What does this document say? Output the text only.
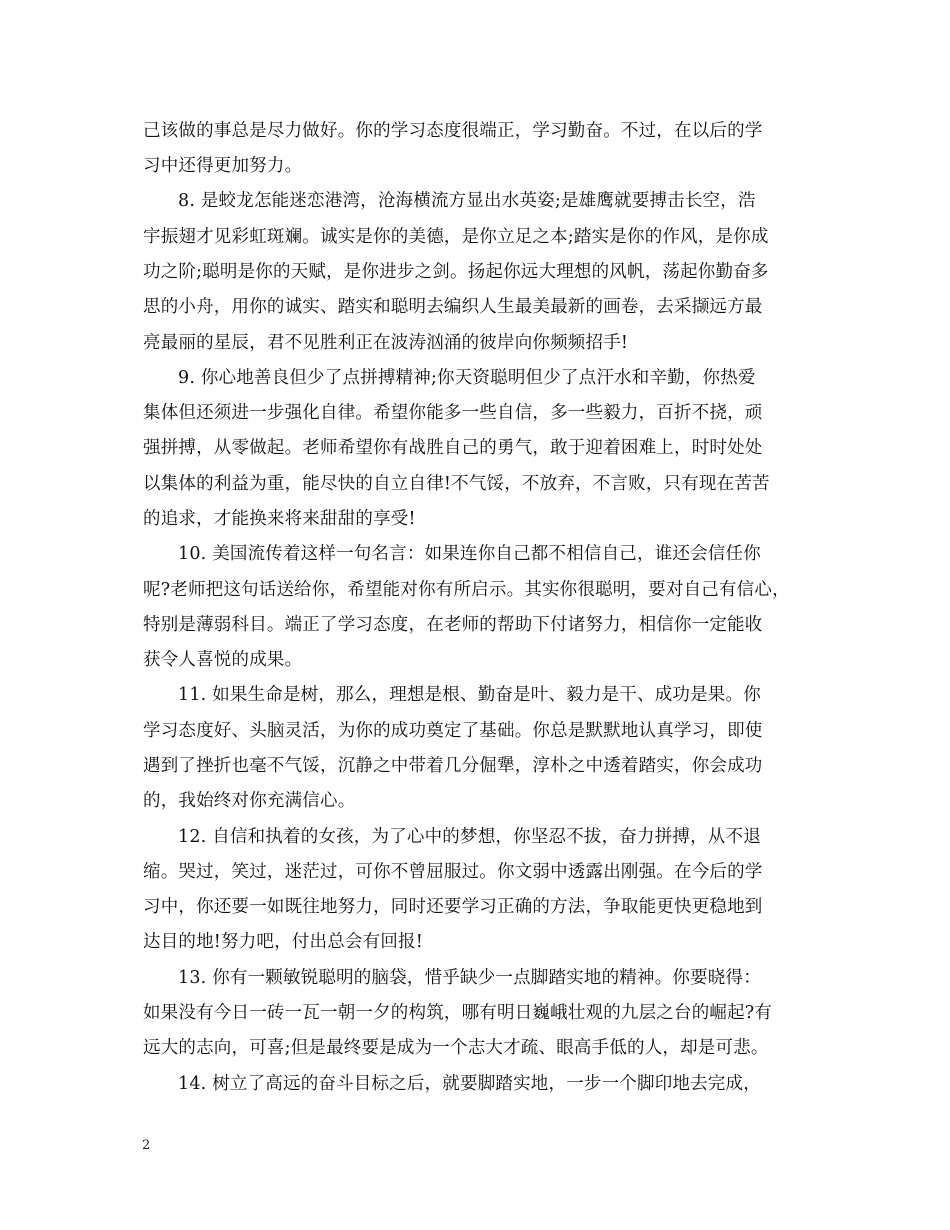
己该做的事总是尽力做好。你的学习态度很端正，学习勤奋。不过，在以后的学
习中还得更加努力。
8. 是蛟龙怎能迷恋港湾，沧海横流方显出水英姿;是雄鹰就要搏击长空，浩
宇振翅才见彩虹斑斓。诚实是你的美德，是你立足之本;踏实是你的作风，是你成
功之阶;聪明是你的天赋，是你进步之剑。扬起你远大理想的风帆，荡起你勤奋多
思的小舟，用你的诚实、踏实和聪明去编织人生最美最新的画卷，去采撷远方最
亮最丽的星辰，君不见胜利正在波涛汹涌的彼岸向你频频招手!
9. 你心地善良但少了点拼搏精神;你天资聪明但少了点汗水和辛勤，你热爱
集体但还须进一步强化自律。希望你能多一些自信，多一些毅力，百折不挠，顽
强拼搏，从零做起。老师希望你有战胜自己的勇气，敢于迎着困难上，时时处处
以集体的利益为重，能尽快的自立自律!不气馁，不放弃，不言败，只有现在苦苦
的追求，才能换来将来甜甜的享受!
10. 美国流传着这样一句名言：如果连你自己都不相信自己，谁还会信任你
呢?老师把这句话送给你，希望能对你有所启示。其实你很聪明，要对自己有信心，
特别是薄弱科目。端正了学习态度，在老师的帮助下付诸努力，相信你一定能收
获令人喜悦的成果。
11. 如果生命是树，那么，理想是根、勤奋是叶、毅力是干、成功是果。你
学习态度好、头脑灵活，为你的成功奠定了基础。你总是默默地认真学习，即使
遇到了挫折也毫不气馁，沉静之中带着几分倔犟，淳朴之中透着踏实，你会成功
的，我始终对你充满信心。
12. 自信和执着的女孩，为了心中的梦想，你坚忍不拔，奋力拼搏，从不退
缩。哭过，笑过，迷茫过，可你不曾屈服过。你文弱中透露出刚强。在今后的学
习中，你还要一如既往地努力，同时还要学习正确的方法，争取能更快更稳地到
达目的地!努力吧，付出总会有回报!
13. 你有一颗敏锐聪明的脑袋，惜乎缺少一点脚踏实地的精神。你要晓得：
如果没有今日一砖一瓦一朝一夕的构筑，哪有明日巍峨壮观的九层之台的崛起?有
远大的志向，可喜;但是最终要是成为一个志大才疏、眼高手低的人，却是可悲。
14. 树立了高远的奋斗目标之后，就要脚踏实地，一步一个脚印地去完成，
2
